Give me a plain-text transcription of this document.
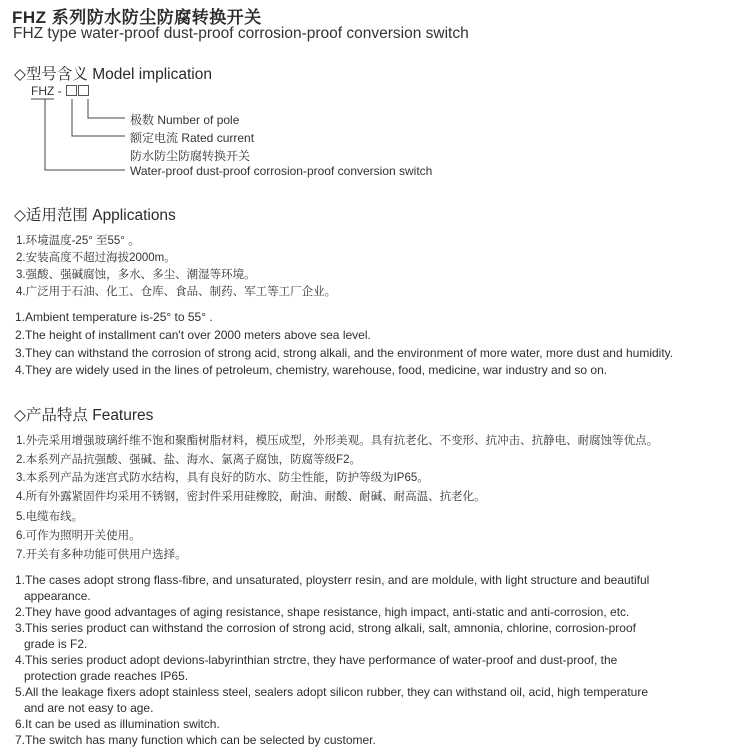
FHZ 系列防水防尘防腐转换开关
FHZ type water-proof dust-proof corrosion-proof conversion switch
◇型号含义 Model implication
FHZ -
极数 Number of pole
额定电流 Rated current
防水防尘防腐转换开关
Water-proof dust-proof corrosion-proof conversion switch
◇适用范围 Applications
1.环境温度-25° 至55° 。
2.安装高度不超过海拔2000m。
3.强酸、强碱腐蚀，多水、多尘、潮湿等环境。
4.广泛用于石油、化工、仓库、食品、制药、军工等工厂企业。
1.Ambient temperature is-25° to 55° .
2.The height of installment can't over 2000 meters above sea level.
3.They can withstand the corrosion of strong acid, strong alkali, and the environment of more water, more dust and humidity.
4.They are widely used in the lines of petroleum, chemistry, warehouse, food, medicine, war industry and so on.
◇产品特点 Features
1.外壳采用增强玻璃纤维不饱和聚酯树脂材料，模压成型，外形美观。具有抗老化、不变形、抗冲击、抗静电、耐腐蚀等优点。
2.本系列产品抗强酸、强碱、盐、海水、氯离子腐蚀，防腐等级F2。
3.本系列产品为迷宫式防水结构，具有良好的防水、防尘性能，防护等级为IP65。
4.所有外露紧固件均采用不锈钢，密封件采用硅橡胶，耐油、耐酸、耐碱、耐高温、抗老化。
5.电缆布线。
6.可作为照明开关使用。
7.开关有多种功能可供用户选择。
1.The cases adopt strong flass-fibre, and unsaturated, ploysterr resin, and are moldule, with light structure and beautiful
appearance.
2.They have good advantages of aging resistance, shape resistance, high impact, anti-static and anti-corrosion, etc.
3.This series product can withstand the corrosion of strong acid, strong alkali, salt, amnonia, chlorine, corrosion-proof
grade is F2.
4.This series product adopt devions-labyrinthian strctre, they have performance of water-proof and dust-proof, the
protection grade reaches IP65.
5.All the leakage fixers adopt stainless steel, sealers adopt silicon rubber, they can withstand oil, acid, high temperature
and are not easy to age.
6.It can be used as illumination switch.
7.The switch has many function which can be selected by customer.
